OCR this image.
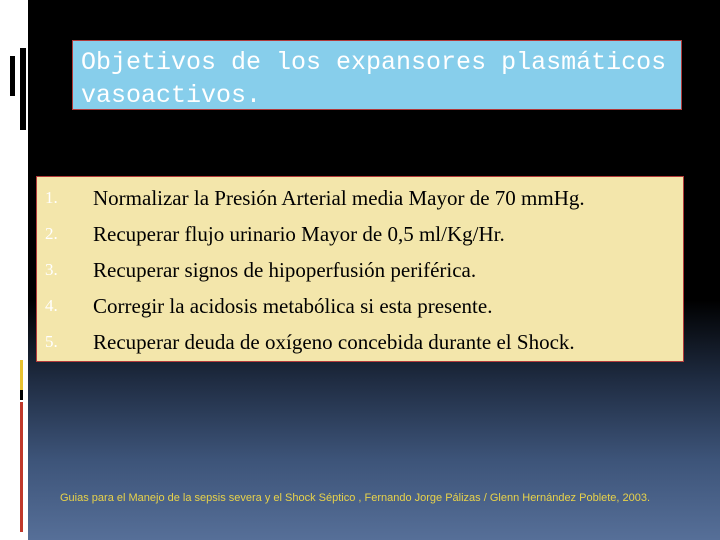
Objetivos de los expansores plasmáticos vasoactivos.
1.	Normalizar la Presión Arterial media Mayor de 70 mmHg.
2.	Recuperar flujo urinario Mayor de 0,5 ml/Kg/Hr.
3.	Recuperar signos de hipoperfusión periférica.
4.	Corregir la acidosis metabólica si esta presente.
5.	Recuperar deuda de oxígeno concebida durante el Shock.
Guias para el Manejo de la sepsis severa y el Shock Séptico , Fernando Jorge Pálizas / Glenn Hernández Poblete, 2003.
